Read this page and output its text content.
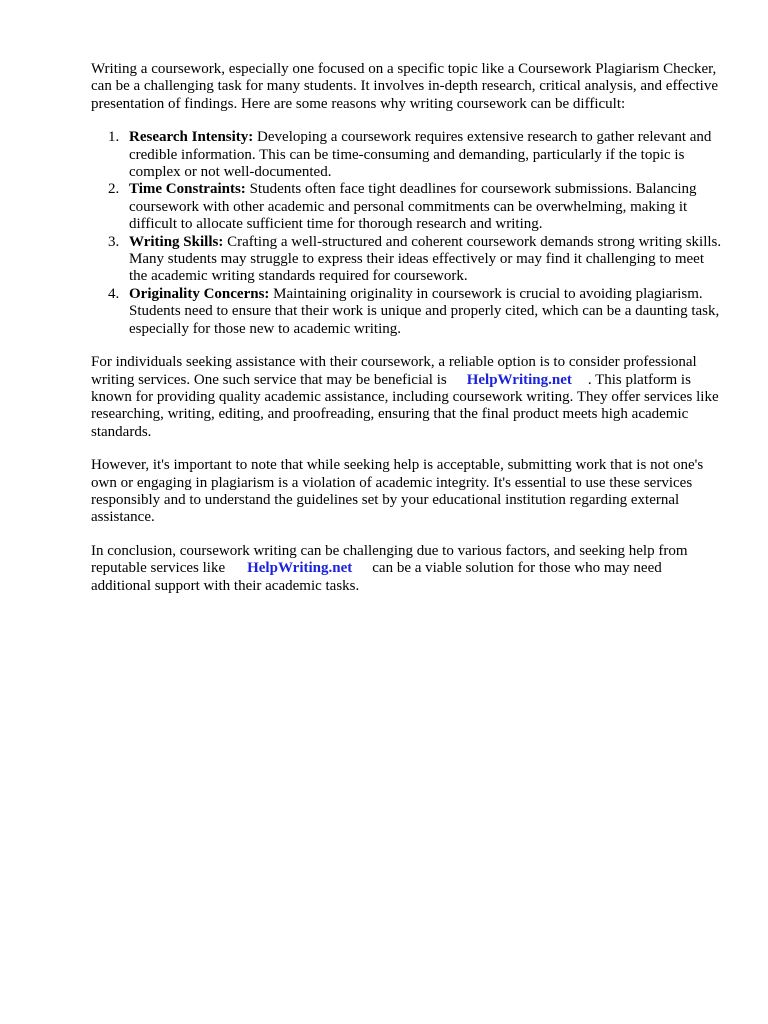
Writing a coursework, especially one focused on a specific topic like a Coursework Plagiarism Checker, can be a challenging task for many students. It involves in-depth research, critical analysis, and effective presentation of findings. Here are some reasons why writing coursework can be difficult:

1. Research Intensity: Developing a coursework requires extensive research to gather relevant and credible information. This can be time-consuming and demanding, particularly if the topic is complex or not well-documented.
2. Time Constraints: Students often face tight deadlines for coursework submissions. Balancing coursework with other academic and personal commitments can be overwhelming, making it difficult to allocate sufficient time for thorough research and writing.
3. Writing Skills: Crafting a well-structured and coherent coursework demands strong writing skills. Many students may struggle to express their ideas effectively or may find it challenging to meet the academic writing standards required for coursework.
4. Originality Concerns: Maintaining originality in coursework is crucial to avoiding plagiarism. Students need to ensure that their work is unique and properly cited, which can be a daunting task, especially for those new to academic writing.

For individuals seeking assistance with their coursework, a reliable option is to consider professional writing services. One such service that may be beneficial is HelpWriting.net . This platform is known for providing quality academic assistance, including coursework writing. They offer services like researching, writing, editing, and proofreading, ensuring that the final product meets high academic standards.

However, it's important to note that while seeking help is acceptable, submitting work that is not one's own or engaging in plagiarism is a violation of academic integrity. It's essential to use these services responsibly and to understand the guidelines set by your educational institution regarding external assistance.

In conclusion, coursework writing can be challenging due to various factors, and seeking help from reputable services like HelpWriting.net can be a viable solution for those who may need additional support with their academic tasks.
